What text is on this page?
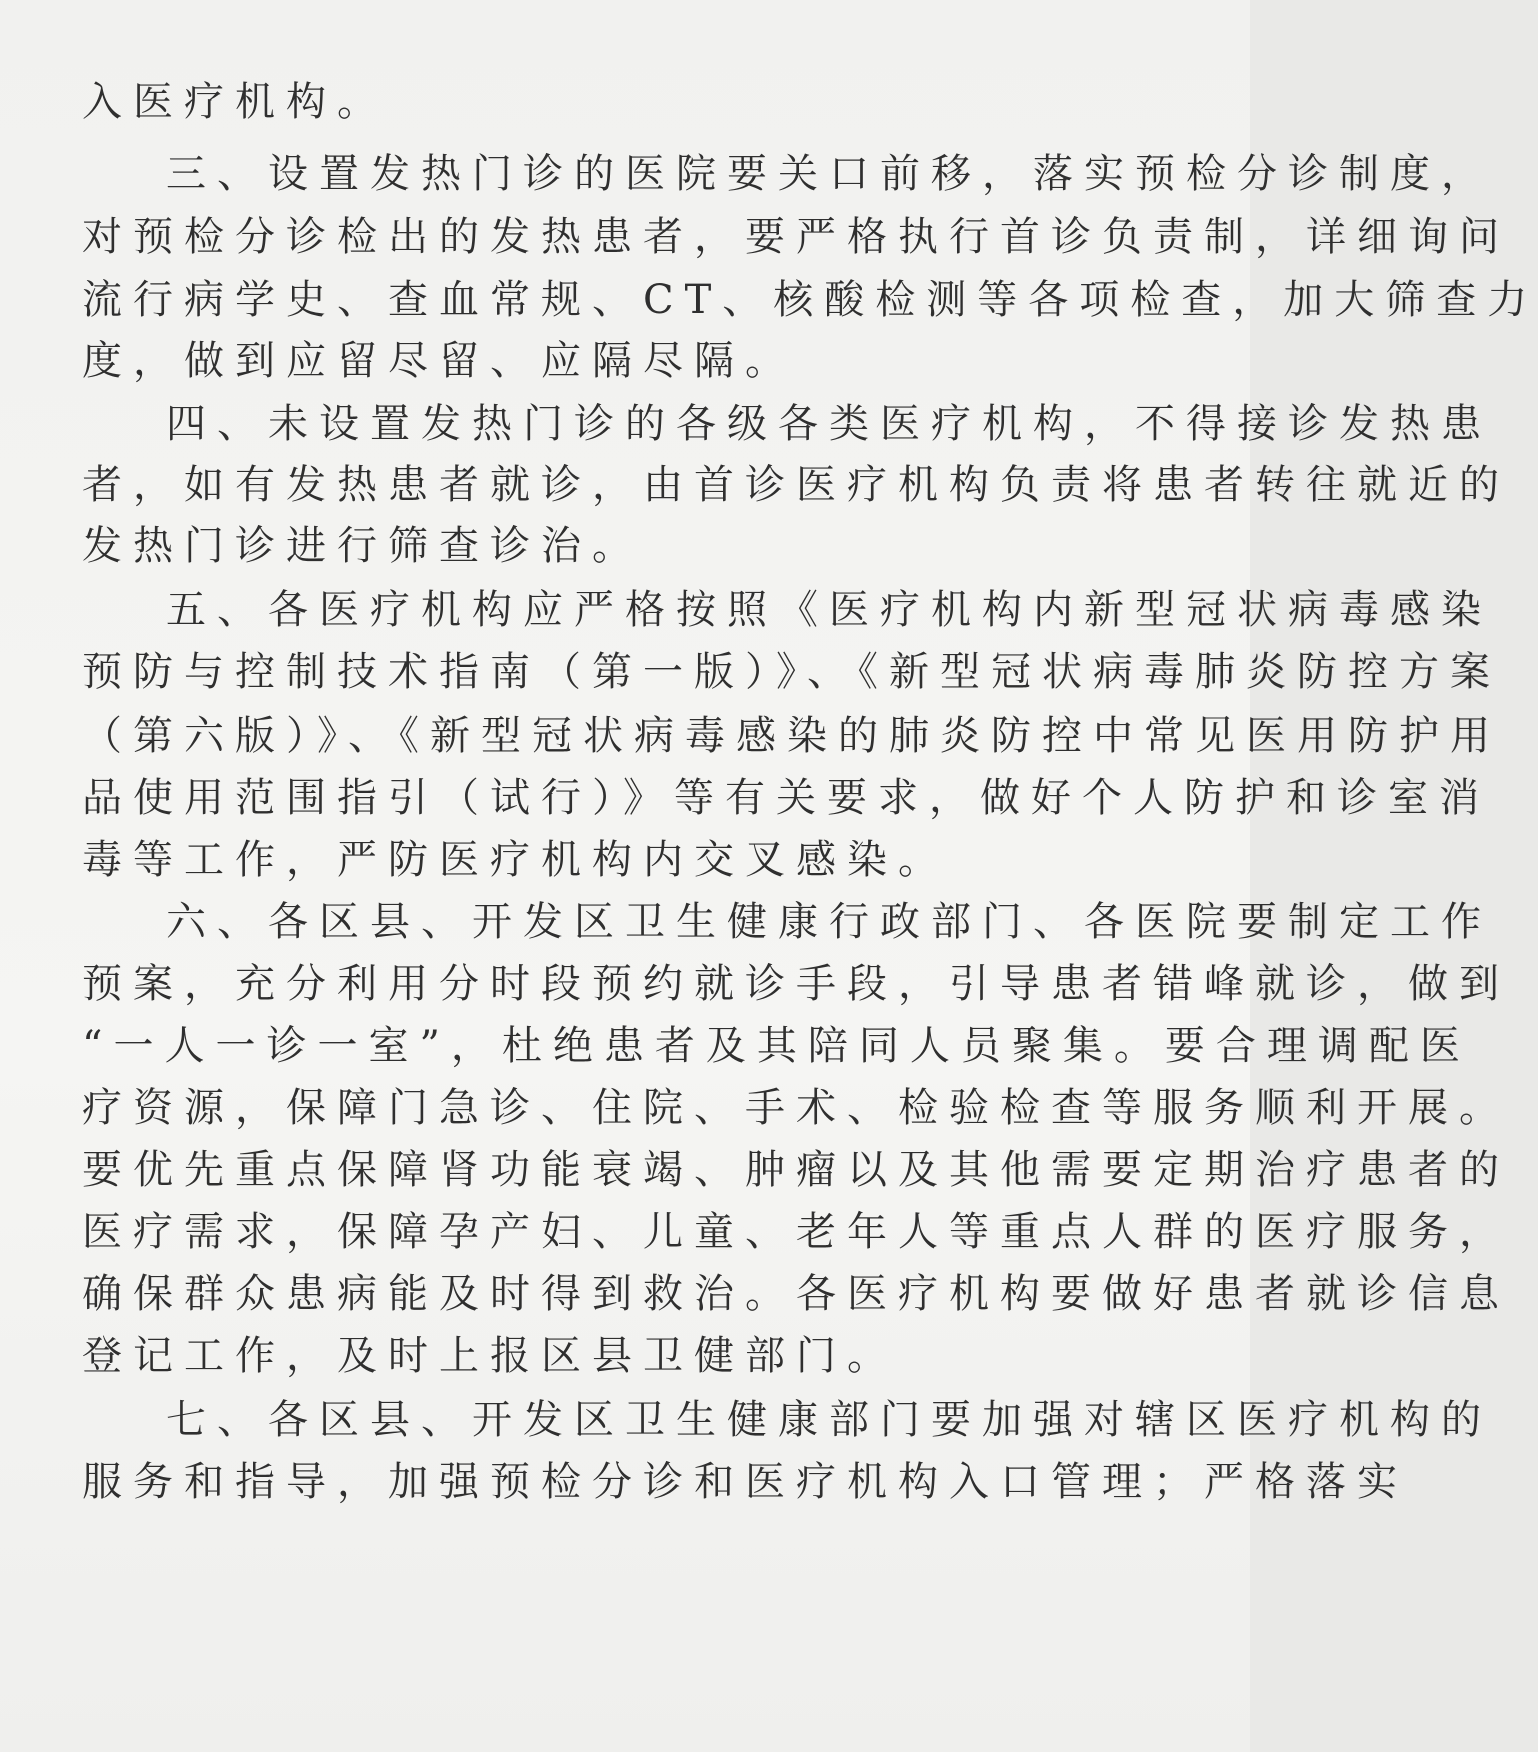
入医疗机构。
三、设置发热门诊的医院要关口前移，落实预检分诊制度，
对预检分诊检出的发热患者，要严格执行首诊负责制，详细询问
流行病学史、查血常规、CT、核酸检测等各项检查，加大筛查力
度，做到应留尽留、应隔尽隔。
四、未设置发热门诊的各级各类医疗机构，不得接诊发热患
者，如有发热患者就诊，由首诊医疗机构负责将患者转往就近的
发热门诊进行筛查诊治。
五、各医疗机构应严格按照《医疗机构内新型冠状病毒感染
预防与控制技术指南（第一版）》、《新型冠状病毒肺炎防控方案
（第六版）》、《新型冠状病毒感染的肺炎防控中常见医用防护用
品使用范围指引（试行）》等有关要求，做好个人防护和诊室消
毒等工作，严防医疗机构内交叉感染。
六、各区县、开发区卫生健康行政部门、各医院要制定工作
预案，充分利用分时段预约就诊手段，引导患者错峰就诊，做到
“一人一诊一室”，杜绝患者及其陪同人员聚集。要合理调配医
疗资源，保障门急诊、住院、手术、检验检查等服务顺利开展。
要优先重点保障肾功能衰竭、肿瘤以及其他需要定期治疗患者的
医疗需求，保障孕产妇、儿童、老年人等重点人群的医疗服务，
确保群众患病能及时得到救治。各医疗机构要做好患者就诊信息
登记工作，及时上报区县卫健部门。
七、各区县、开发区卫生健康部门要加强对辖区医疗机构的
服务和指导，加强预检分诊和医疗机构入口管理；严格落实
